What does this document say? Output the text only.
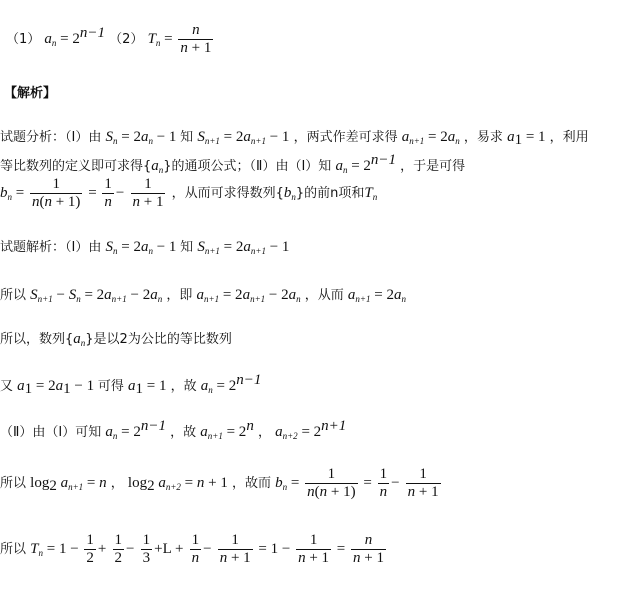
（1） $a_n = 2^{n-1}$ （2） $T_n = \frac{n}{n + 1}$
【解析】
试题分析：（Ⅰ）由 $S_n = 2a_n - 1$ 知 $S_{n+1} = 2a_{n+1} - 1$ ，两式作差可求得 $a_{n+1} = 2a_n$ ，易求 $a_1 = 1$ ，利用
等比数列的定义即可求得$\{a_n\}$的通项公式；（Ⅱ）由（Ⅰ）知 $a_n = 2^{n-1}$ ，于是可得
$b_n = \frac{1}{n(n + 1)} = \frac{1}{n} - \frac{1}{n + 1}$ ，从而可求得数列$\{b_n\}$的前n项和$T_n$
试题解析：（Ⅰ）由 $S_n = 2a_n - 1$ 知 $S_{n+1} = 2a_{n+1} - 1$
所以 $S_{n+1} - S_n = 2a_{n+1} - 2a_n$ ，即 $a_{n+1} = 2a_{n+1} - 2a_n$ ，从而 $a_{n+1} = 2a_n$
所以，数列$\{a_n\}$是以2为公比的等比数列
又 $a_1 = 2a_1 - 1$ 可得 $a_1 = 1$ ，故 $a_n = 2^{n-1}$
（Ⅱ）由（Ⅰ）可知 $a_n = 2^{n-1}$ ，故 $a_{n+1} = 2^n$ ， $a_{n+2} = 2^{n+1}$
所以 $\log_2 a_{n+1} = n$ ， $\log_2 a_{n+2} = n + 1$ ，故而 $b_n = \frac{1}{n(n + 1)} = \frac{1}{n} - \frac{1}{n + 1}$
所以 $T_n = 1 - \frac{1}{2} + \frac{1}{2} - \frac{1}{3} +L + \frac{1}{n} - \frac{1}{n + 1} = 1 - \frac{1}{n + 1} = \frac{n}{n + 1}$
